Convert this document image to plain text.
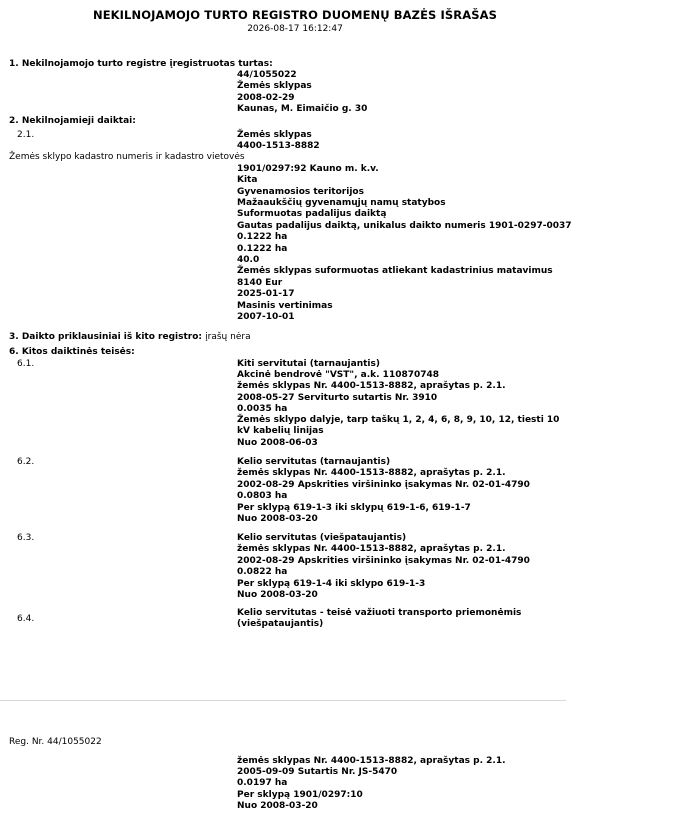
NEKILNOJAMOJO TURTO REGISTRO DUOMENŲ BAZĖS IŠRAŠAS
2026-08-17 16:12:47
1. Nekilnojamojo turto registre įregistruotas turtas:
44/1055022
Žemės sklypas
2008-02-29
Kaunas, M. Eimaičio g. 30
2. Nekilnojamieji daiktai:
2.1.	Žemės sklypas
4400-1513-8882
Žemės sklypo kadastro numeris ir kadastro vietovės
1901/0297:92 Kauno m. k.v.
Kita
Gyvenamosios teritorijos
Mažaaukščių gyvenamųjų namų statybos
Suformuotas padalijus daiktą
Gautas padalijus daiktą, unikalus daikto numeris 1901-0297-0037
0.1222 ha
0.1222 ha
40.0
Žemės sklypas suformuotas atliekant kadastrinius matavimus
8140 Eur
2025-01-17
Masinis vertinimas
2007-10-01
3. Daikto priklausiniai iš kito registro: įrašų nėra
6. Kitos daiktinės teisės:
6.1.	Kiti servitutai (tarnaujantis)
Akcinė bendrovė "VST", a.k. 110870748
žemės sklypas Nr. 4400-1513-8882, aprašytas p. 2.1.
2008-05-27 Serviturto sutartis Nr. 3910
0.0035 ha
Žemės sklypo dalyje, tarp taškų 1, 2, 4, 6, 8, 9, 10, 12, tiesti 10 kV kabelių linijas
Nuo 2008-06-03
6.2.	Kelio servitutas (tarnaujantis)
žemės sklypas Nr. 4400-1513-8882, aprašytas p. 2.1.
2002-08-29 Apskrities viršininko įsakymas Nr. 02-01-4790
0.0803 ha
Per sklypą 619-1-3 iki sklypų 619-1-6, 619-1-7
Nuo 2008-03-20
6.3.	Kelio servitutas (viešpataujantis)
žemės sklypas Nr. 4400-1513-8882, aprašytas p. 2.1.
2002-08-29 Apskrities viršininko įsakymas Nr. 02-01-4790
0.0822 ha
Per sklypą 619-1-4 iki sklypo 619-1-3
Nuo 2008-03-20
6.4.
Kelio servitutas - teisė važiuoti transporto priemonėmis (viešpataujantis)
Reg. Nr. 44/1055022
žemės sklypas Nr. 4400-1513-8882, aprašytas p. 2.1.
2005-09-09 Sutartis Nr. JS-5470
0.0197 ha
Per sklypą 1901/0297:10
Nuo 2008-03-20
